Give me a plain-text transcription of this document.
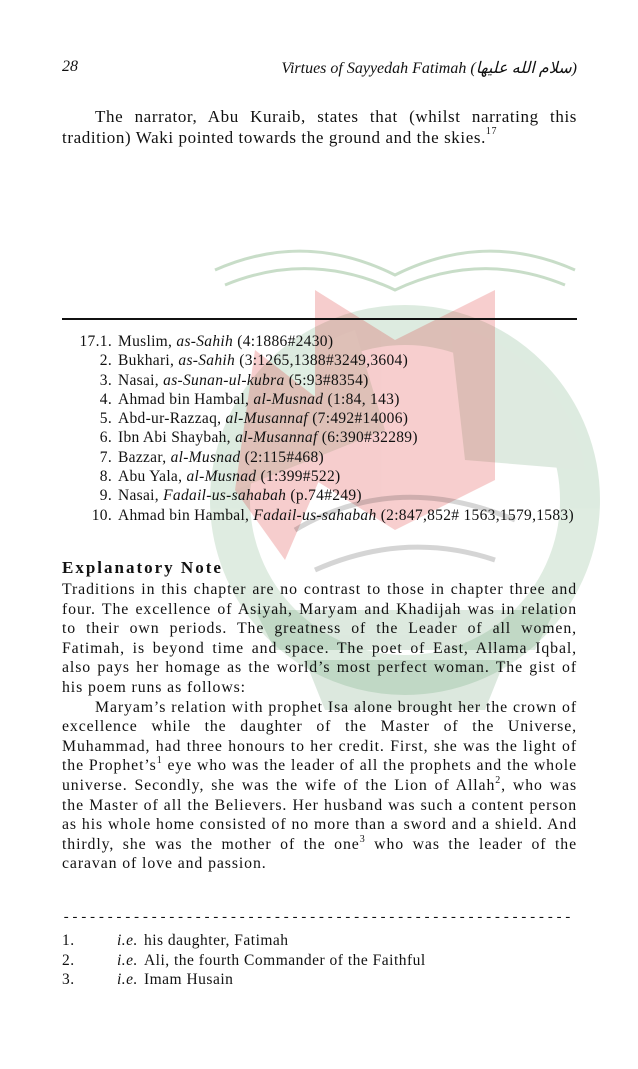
28	Virtues of Sayyedah Fatimah (سلام الله عليها)
The narrator, Abu Kuraib, states that (whilst narrating this tradition) Waki pointed towards the ground and the skies.$^{17}$
17.1. Muslim, as-Sahih (4:1886#2430)
2. Bukhari, as-Sahih (3:1265,1388#3249,3604)
3. Nasai, as-Sunan-ul-kubra (5:93#8354)
4. Ahmad bin Hambal, al-Musnad (1:84, 143)
5. Abd-ur-Razzaq, al-Musannaf (7:492#14006)
6. Ibn Abi Shaybah, al-Musannaf (6:390#32289)
7. Bazzar, al-Musnad (2:115#468)
8. Abu Yala, al-Musnad (1:399#522)
9. Nasai, Fadail-us-sahabah (p.74#249)
10. Ahmad bin Hambal, Fadail-us-sahabah (2:847,852# 1563,1579,1583)
Explanatory Note

Traditions in this chapter are no contrast to those in chapter three and four. The excellence of Asiyah, Maryam and Khadijah was in relation to their own periods. The greatness of the Leader of all women, Fatimah, is beyond time and space. The poet of East, Allama Iqbal, also pays her homage as the world’s most perfect woman. The gist of his poem runs as follows:

Maryam’s relation with prophet Isa alone brought her the crown of excellence while the daughter of the Master of the Universe, Muhammad, had three honours to her credit. First, she was the light of the $Prophet’s^1$ eye who was the leader of all the prophets and the whole universe. Secondly, she was the wife of the Lion of Allah$^2$, who was the Master of all the Believers. Her husband was such a content person as his whole home consisted of no more than a sword and a shield. And thirdly, she was the mother of the one$^3$ who was the leader of the caravan of love and passion.

----------------------------------------------------------
1.	i.e. his daughter, Fatimah
2.	i.e. Ali, the fourth Commander of the Faithful
3.	i.e. Imam Husain
